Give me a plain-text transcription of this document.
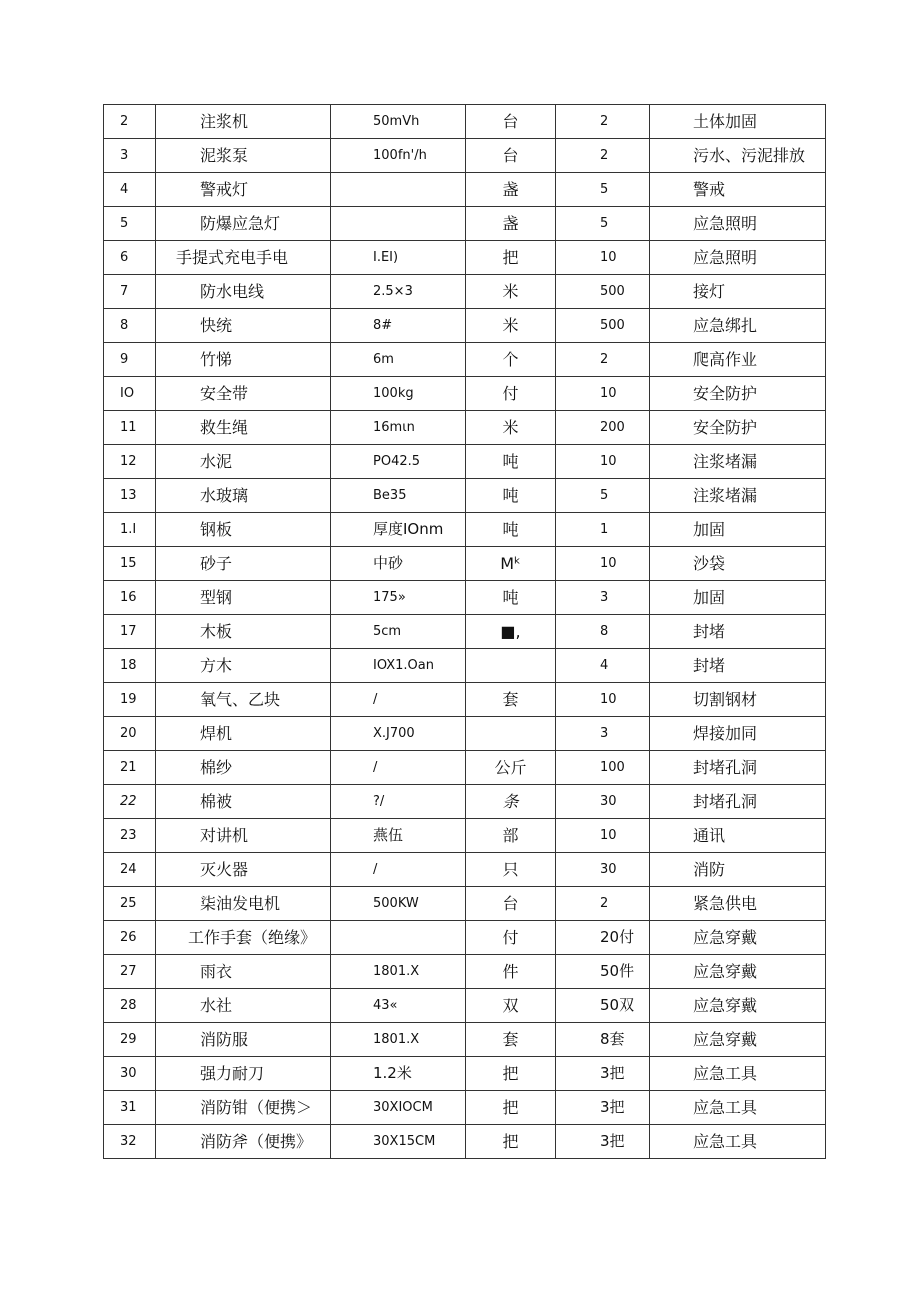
2	注浆机	50mVh	台	2	土体加固
3	泥浆泵	100fn'/h	台	2	污水、污泥排放
4	警戒灯		盏	5	警戒
5	防爆应急灯		盏	5	应急照明
6	手提式充电手电	I.EI)	把	10	应急照明
7	防水电线	2.5×3	米	500	接灯
8	快统	8#	米	500	应急绑扎
9	竹悌	6m	个	2	爬高作业
IO	安全带	100kg	付	10	安全防护
11	救生绳	16mιn	米	200	安全防护
12	水泥	PO42.5	吨	10	注浆堵漏
13	水玻璃	Be35	吨	5	注浆堵漏
1.I	钢板	厚度IOnm	吨	1	加固
15	砂子	中砂	Mᵏ	10	沙袋
16	型钢	175»	吨	3	加固
17	木板	5cm	■,	8	封堵
18	方木	IOX1.Oan		4	封堵
19	氧气、乙块	/	套	10	切割钢材
20	焊机	X.J700		3	焊接加同
21	棉纱	/	公斤	100	封堵孔洞
22	棉被	?/	条	30	封堵孔洞
23	对讲机	燕伍	部	10	通讯
24	灭火器	/	只	30	消防
25	柒油发电机	500KW	台	2	紧急供电
26	工作手套（绝缘》		付	20付	应急穿戴
27	雨衣	1801.X	件	50件	应急穿戴
28	水社	43«	双	50双	应急穿戴
29	消防服	1801.X	套	8套	应急穿戴
30	强力耐刀	1.2米	把	3把	应急工具
31	消防钳（便携＞	30XIOCM	把	3把	应急工具
32	消防斧（便携》	30X15CM	把	3把	应急工具
